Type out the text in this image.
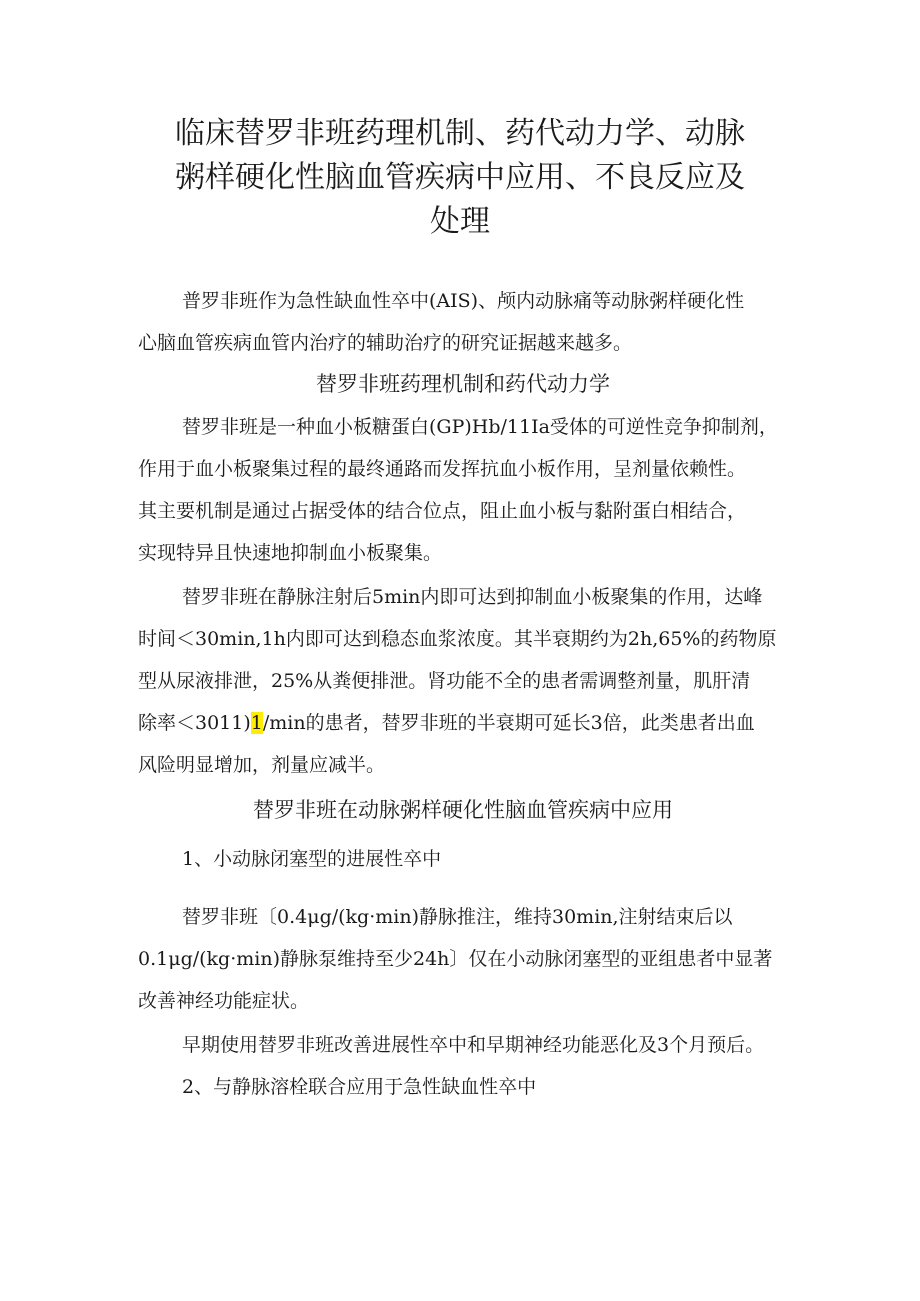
临床替罗非班药理机制、药代动力学、动脉
粥样硬化性脑血管疾病中应用、不良反应及
处理

普罗非班作为急性缺血性卒中(AIS)、颅内动脉痛等动脉粥样硬化性
心脑血管疾病血管内治疗的辅助治疗的研究证据越来越多。

替罗非班药理机制和药代动力学

替罗非班是一种血小板糖蛋白(GP)Hb∕11Ia受体的可逆性竞争抑制剂，
作用于血小板聚集过程的最终通路而发挥抗血小板作用，呈剂量依赖性。
其主要机制是通过占据受体的结合位点，阻止血小板与黏附蛋白相结合，
实现特异且快速地抑制血小板聚集。

替罗非班在静脉注射后5min内即可达到抑制血小板聚集的作用，达峰
时间＜30min,1h内即可达到稳态血浆浓度。其半衰期约为2h,65%的药物原
型从尿液排泄，25%从粪便排泄。肾功能不全的患者需调整剂量，肌肝清
除率＜3011)1∕min的患者，替罗非班的半衰期可延长3倍，此类患者出血
风险明显增加，剂量应减半。

替罗非班在动脉粥样硬化性脑血管疾病中应用

1、小动脉闭塞型的进展性卒中

替罗非班〔0.4μg∕(kg·min)静脉推注，维持30min,注射结束后以
0.1μg∕(kg·min)静脉泵维持至少24h〕仅在小动脉闭塞型的亚组患者中显著
改善神经功能症状。

早期使用替罗非班改善进展性卒中和早期神经功能恶化及3个月预后。

2、与静脉溶栓联合应用于急性缺血性卒中
